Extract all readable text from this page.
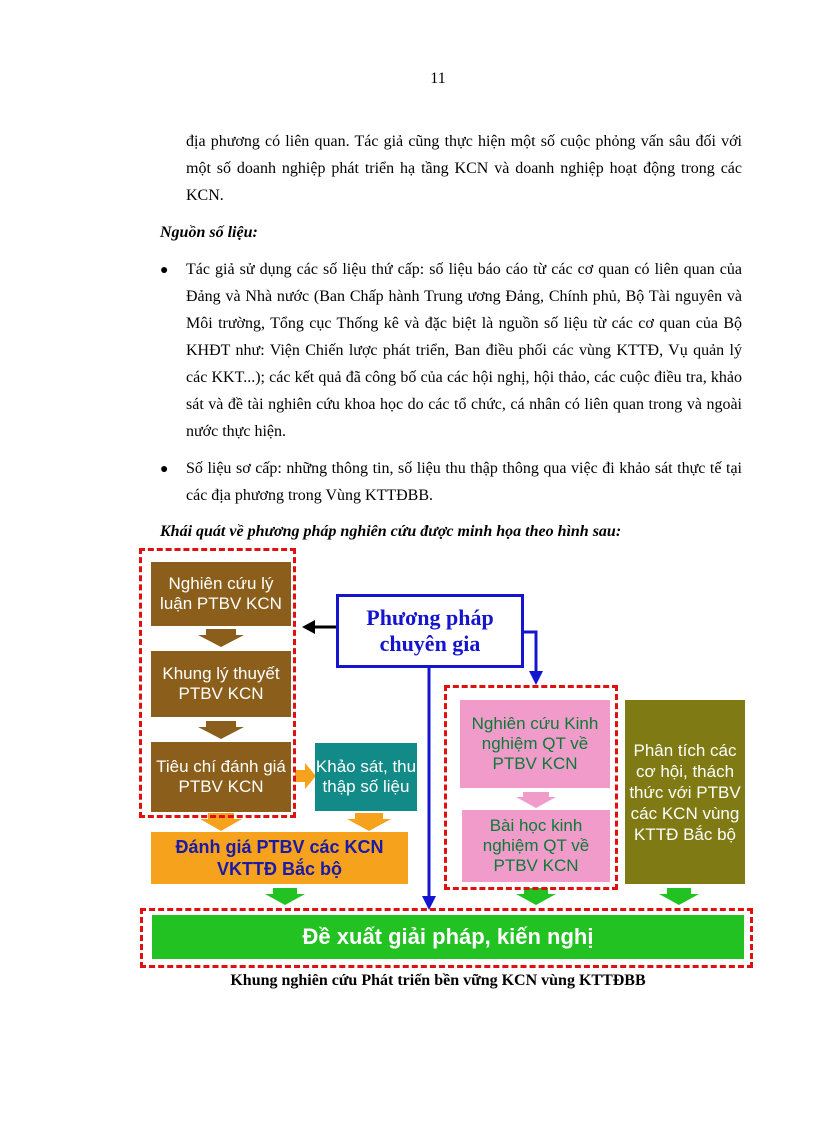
11
địa phương có liên quan. Tác giả cũng thực hiện một số cuộc phỏng vấn sâu đối với một số doanh nghiệp phát triển hạ tầng KCN và doanh nghiệp hoạt động trong các KCN.
Nguồn số liệu:
● Tác giả sử dụng các số liệu thứ cấp: số liệu báo cáo từ các cơ quan có liên quan của Đảng và Nhà nước (Ban Chấp hành Trung ương Đảng, Chính phủ, Bộ Tài nguyên và Môi trường, Tổng cục Thống kê và đặc biệt là nguồn số liệu từ các cơ quan của Bộ KHĐT như: Viện Chiến lược phát triển, Ban điều phối các vùng KTTĐ, Vụ quản lý các KKT...); các kết quả đã công bố của các hội nghị, hội thảo, các cuộc điều tra, khảo sát và đề tài nghiên cứu khoa học do các tổ chức, cá nhân có liên quan trong và ngoài nước thực hiện.
● Số liệu sơ cấp: những thông tin, số liệu thu thập thông qua việc đi khảo sát thực tế tại các địa phương trong Vùng KTTĐBB.
Khái quát về phương pháp nghiên cứu được minh họa theo hình sau:
Nghiên cứu lý luận PTBV KCN
Khung lý thuyết PTBV KCN
Tiêu chí đánh giá PTBV KCN
Khảo sát, thu thập số liệu
Đánh giá PTBV các KCN VKTTĐ Bắc bộ
Phương pháp chuyên gia
Nghiên cứu Kinh nghiệm QT về PTBV KCN
Bài học kinh nghiệm QT về PTBV KCN
Phân tích các cơ hội, thách thức với PTBV các KCN vùng KTTĐ Bắc bộ
Đề xuất giải pháp, kiến nghị
Khung nghiên cứu Phát triển bền vững KCN vùng KTTĐBB
